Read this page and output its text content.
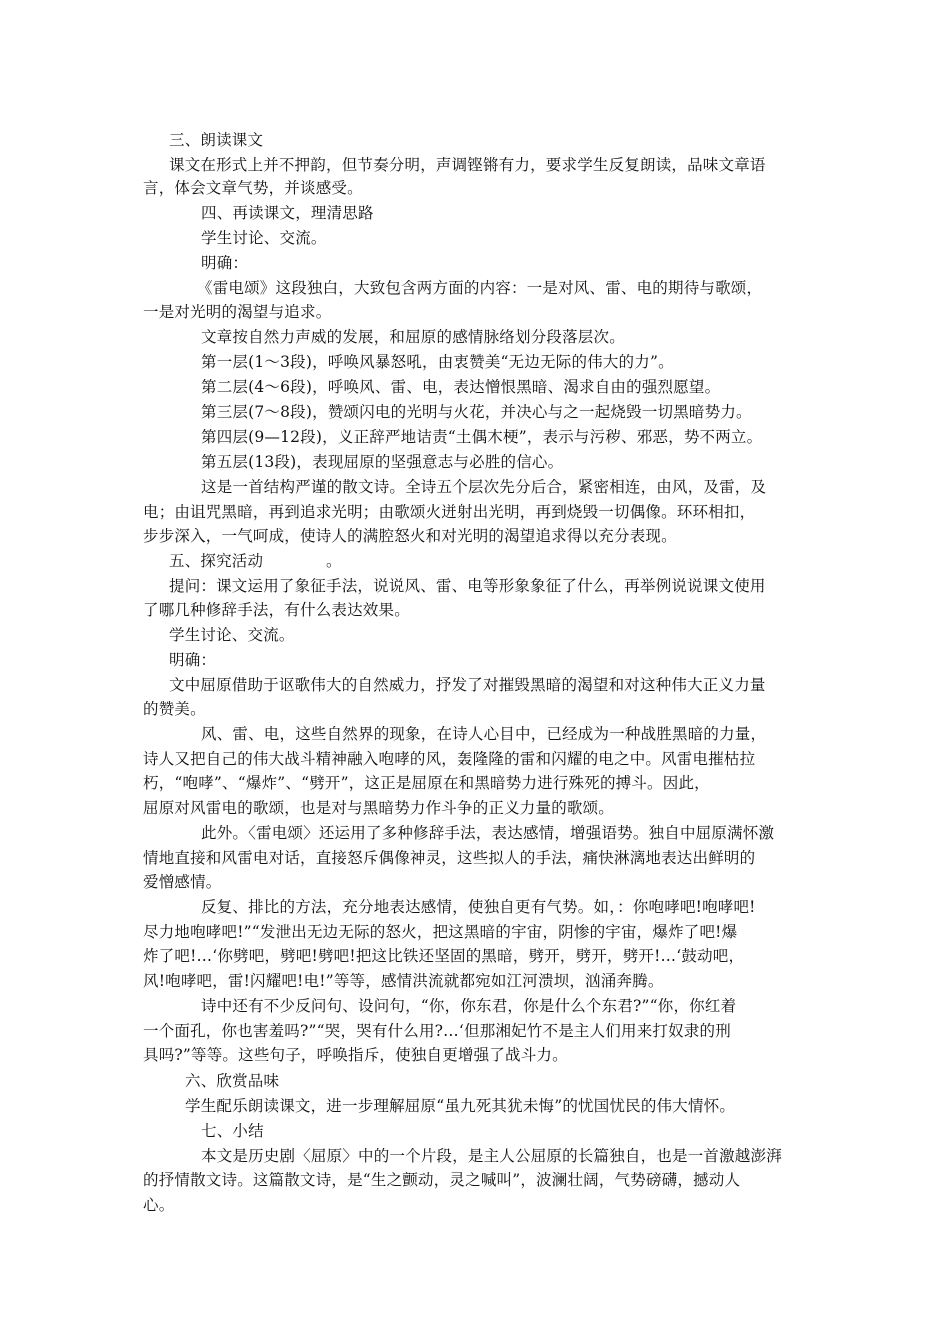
三、朗读课文
课文在形式上并不押韵，但节奏分明，声调铿锵有力，要求学生反复朗读，品味文章语
言，体会文章气势，并谈感受。
四、再读课文，理清思路
学生讨论、交流。
明确：
《雷电颂》这段独白，大致包含两方面的内容：一是对风、雷、电的期待与歌颂，
一是对光明的渴望与追求。
文章按自然力声威的发展，和屈原的感情脉络划分段落层次。
第一层(1～3段)，呼唤风暴怒吼，由衷赞美“无边无际的伟大的力”。
第二层(4～6段)，呼唤风、雷、电，表达憎恨黑暗、渴求自由的强烈愿望。
第三层(7～8段)，赞颂闪电的光明与火花，并决心与之一起烧毁一切黑暗势力。
第四层(9—12段)，义正辞严地诘责“土偶木梗”，表示与污秽、邪恶，势不两立。
第五层(13段)，表现屈原的坚强意志与必胜的信心。
这是一首结构严谨的散文诗。全诗五个层次先分后合，紧密相连，由风，及雷，及
电；由诅咒黑暗，再到追求光明；由歌颂火迸射出光明，再到烧毁一切偶像。环环相扣，
步步深入，一气呵成，使诗人的满腔怒火和对光明的渴望追求得以充分表现。
五、探究活动　　　　。
提问：课文运用了象征手法，说说风、雷、电等形象象征了什么，再举例说说课文使用
了哪几种修辞手法，有什么表达效果。
学生讨论、交流。
明确：
文中屈原借助于讴歌伟大的自然威力，抒发了对摧毁黑暗的渴望和对这种伟大正义力量
的赞美。
风、雷、电，这些自然界的现象，在诗人心目中，已经成为一种战胜黑暗的力量，
诗人又把自己的伟大战斗精神融入咆哮的风，轰隆隆的雷和闪耀的电之中。风雷电摧枯拉
朽，“咆哮”、“爆炸”、“劈开”，这正是屈原在和黑暗势力进行殊死的搏斗。因此，
屈原对风雷电的歌颂，也是对与黑暗势力作斗争的正义力量的歌颂。
此外。〈雷电颂〉还运用了多种修辞手法，表达感情，增强语势。独自中屈原满怀激
情地直接和风雷电对话，直接怒斥偶像神灵，这些拟人的手法，痛快淋漓地表达出鲜明的
爱憎感情。
反复、排比的方法，充分地表达感情，使独自更有气势。如，：你咆哮吧!咆哮吧!
尽力地咆哮吧!”“发泄出无边无际的怒火，把这黑暗的宇宙，阴惨的宇宙，爆炸了吧!爆
炸了吧!…‘你劈吧，劈吧!劈吧!把这比铁还坚固的黑暗，劈开，劈开，劈开!…‘鼓动吧，
风!咆哮吧，雷!闪耀吧!电!”等等，感情洪流就都宛如江河溃坝，汹涌奔腾。
诗中还有不少反问句、设问句，“你，你东君，你是什么个东君?”“你，你红着
一个面孔，你也害羞吗?”“哭，哭有什么用?…‘但那湘妃竹不是主人们用来打奴隶的刑
具吗?”等等。这些句子，呼唤指斥，使独自更增强了战斗力。
六、欣赏品味
学生配乐朗读课文，进一步理解屈原“虽九死其犹未悔”的忧国忧民的伟大情怀。
七、小结
本文是历史剧〈屈原〉中的一个片段，是主人公屈原的长篇独自，也是一首激越澎湃
的抒情散文诗。这篇散文诗，是“生之颤动，灵之喊叫”，波澜壮阔，气势磅礴，撼动人
心。
